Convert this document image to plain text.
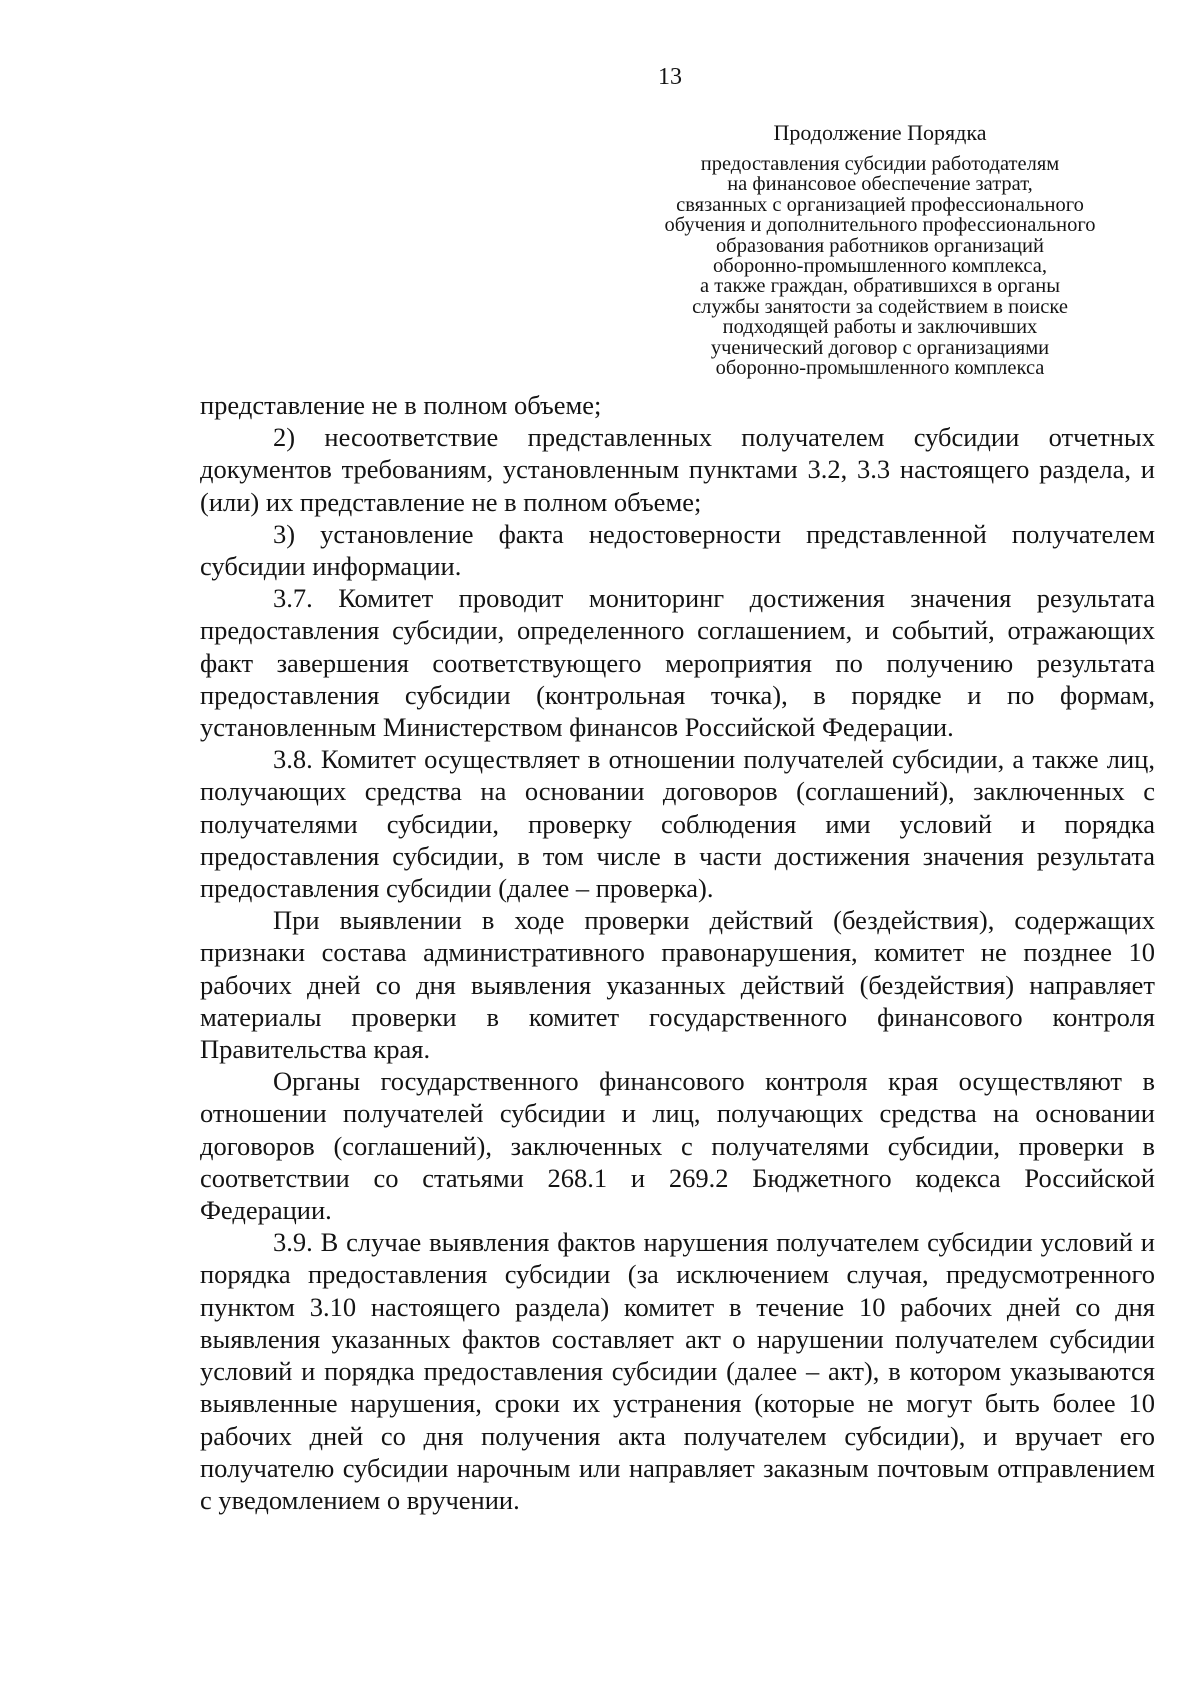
13
Продолжение Порядка
предоставления субсидии работодателям
на финансовое обеспечение затрат,
связанных с организацией профессионального
обучения и дополнительного профессионального
образования работников организаций
оборонно-промышленного комплекса,
а также граждан, обратившихся в органы
службы занятости за содействием в поиске
подходящей работы и заключивших
ученический договор с организациями
оборонно-промышленного комплекса

представление не в полном объеме;

2) несоответствие представленных получателем субсидии отчетных документов требованиям, установленным пунктами 3.2, 3.3 настоящего раздела, и (или) их представление не в полном объеме;

3) установление факта недостоверности представленной получателем субсидии информации.

3.7. Комитет проводит мониторинг достижения значения результата предоставления субсидии, определенного соглашением, и событий, отражающих факт завершения соответствующего мероприятия по получению результата предоставления субсидии (контрольная точка), в порядке и по формам, установленным Министерством финансов Российской Федерации.

3.8. Комитет осуществляет в отношении получателей субсидии, а также лиц, получающих средства на основании договоров (соглашений), заключенных с получателями субсидии, проверку соблюдения ими условий и порядка предоставления субсидии, в том числе в части достижения значения результата предоставления субсидии (далее – проверка).

При выявлении в ходе проверки действий (бездействия), содержащих признаки состава административного правонарушения, комитет не позднее 10 рабочих дней со дня выявления указанных действий (бездействия) направляет материалы проверки в комитет государственного финансового контроля Правительства края.

Органы государственного финансового контроля края осуществляют в отношении получателей субсидии и лиц, получающих средства на основании договоров (соглашений), заключенных с получателями субсидии, проверки в соответствии со статьями 268.1 и 269.2 Бюджетного кодекса Российской Федерации.

3.9. В случае выявления фактов нарушения получателем субсидии условий и порядка предоставления субсидии (за исключением случая, предусмотренного пунктом 3.10 настоящего раздела) комитет в течение 10 рабочих дней со дня выявления указанных фактов составляет акт о нарушении получателем субсидии условий и порядка предоставления субсидии (далее – акт), в котором указываются выявленные нарушения, сроки их устранения (которые не могут быть более 10 рабочих дней со дня получения акта получателем субсидии), и вручает его получателю субсидии нарочным или направляет заказным почтовым отправлением с уведомлением о вручении.
